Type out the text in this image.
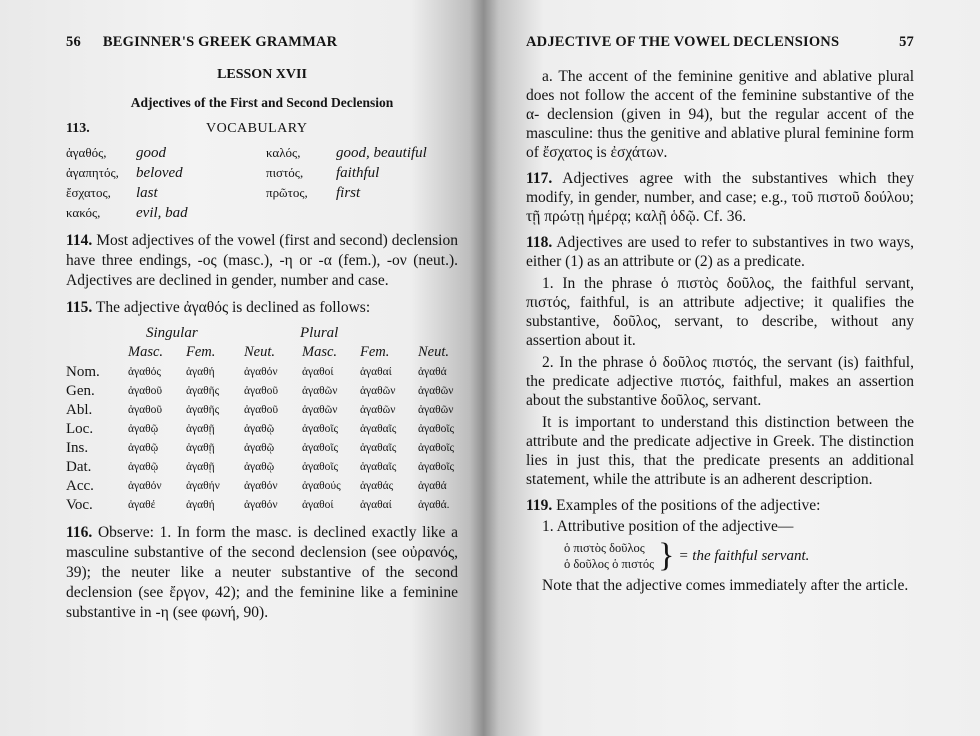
56 BEGINNER'S GREEK GRAMMAR
LESSON XVII
Adjectives of the First and Second Declension
113.	VOCABULARY
ἀγαθός,	good	καλός,	good, beautiful
ἀγαπητός,	beloved	πιστός,	faithful
ἔσχατος,	last	πρῶτος,	first
κακός,	evil, bad

114. Most adjectives of the vowel (first and second) declension have three endings, -ος (masc.), -η or -α (fem.), -ον (neut.). Adjectives are declined in gender, number and case.

115. The adjective ἀγαθός is declined as follows:

Singular	Plural
Masc.	Fem.	Neut.	Masc.	Fem.	Neut.
Nom.	ἀγαθός	ἀγαθή	ἀγαθόν	ἀγαθοί	ἀγαθαί	ἀγαθά
Gen.	ἀγαθοῦ	ἀγαθῆς	ἀγαθοῦ	ἀγαθῶν	ἀγαθῶν	ἀγαθῶν
Abl.	ἀγαθοῦ	ἀγαθῆς	ἀγαθοῦ	ἀγαθῶν	ἀγαθῶν	ἀγαθῶν
Loc.	ἀγαθῷ	ἀγαθῇ	ἀγαθῷ	ἀγαθοῖς	ἀγαθαῖς	ἀγαθοῖς
Ins.	ἀγαθῷ	ἀγαθῇ	ἀγαθῷ	ἀγαθοῖς	ἀγαθαῖς	ἀγαθοῖς
Dat.	ἀγαθῷ	ἀγαθῇ	ἀγαθῷ	ἀγαθοῖς	ἀγαθαῖς	ἀγαθοῖς
Acc.	ἀγαθόν	ἀγαθήν	ἀγαθόν	ἀγαθούς	ἀγαθάς	ἀγαθά
Voc.	ἀγαθέ	ἀγαθή	ἀγαθόν	ἀγαθοί	ἀγαθαί	ἀγαθά.

116. Observe: 1. In form the masc. is declined exactly like a masculine substantive of the second declension (see οὐρανός, 39); the neuter like a neuter substantive of the second declension (see ἔργον, 42); and the feminine like a feminine substantive in -η (see φωνή, 90).

ADJECTIVE OF THE VOWEL DECLENSIONS	57

a. The accent of the feminine genitive and ablative plural does not follow the accent of the feminine substantive of the α- declension (given in 94), but the regular accent of the masculine: thus the genitive and ablative plural feminine form of ἔσχατος is ἐσχάτων.

117. Adjectives agree with the substantives which they modify, in gender, number, and case; e.g., τοῦ πιστοῦ δούλου; τῇ πρώτῃ ἡμέρᾳ; καλῇ ὁδῷ. Cf. 36.

118. Adjectives are used to refer to substantives in two ways, either (1) as an attribute or (2) as a predicate.

1. In the phrase ὁ πιστὸς δοῦλος, the faithful servant, πιστός, faithful, is an attribute adjective; it qualifies the substantive, δοῦλος, servant, to describe, without any assertion about it.

2. In the phrase ὁ δοῦλος πιστός, the servant (is) faithful, the predicate adjective πιστός, faithful, makes an assertion about the substantive δοῦλος, servant.

It is important to understand this distinction between the attribute and the predicate adjective in Greek. The distinction lies in just this, that the predicate presents an additional statement, while the attribute is an adherent description.

119. Examples of the positions of the adjective:

1. Attributive position of the adjective—

ὁ πιστὸς δοῦλος
ὁ δοῦλος ὁ πιστός } = the faithful servant.

Note that the adjective comes immediately after the article.
